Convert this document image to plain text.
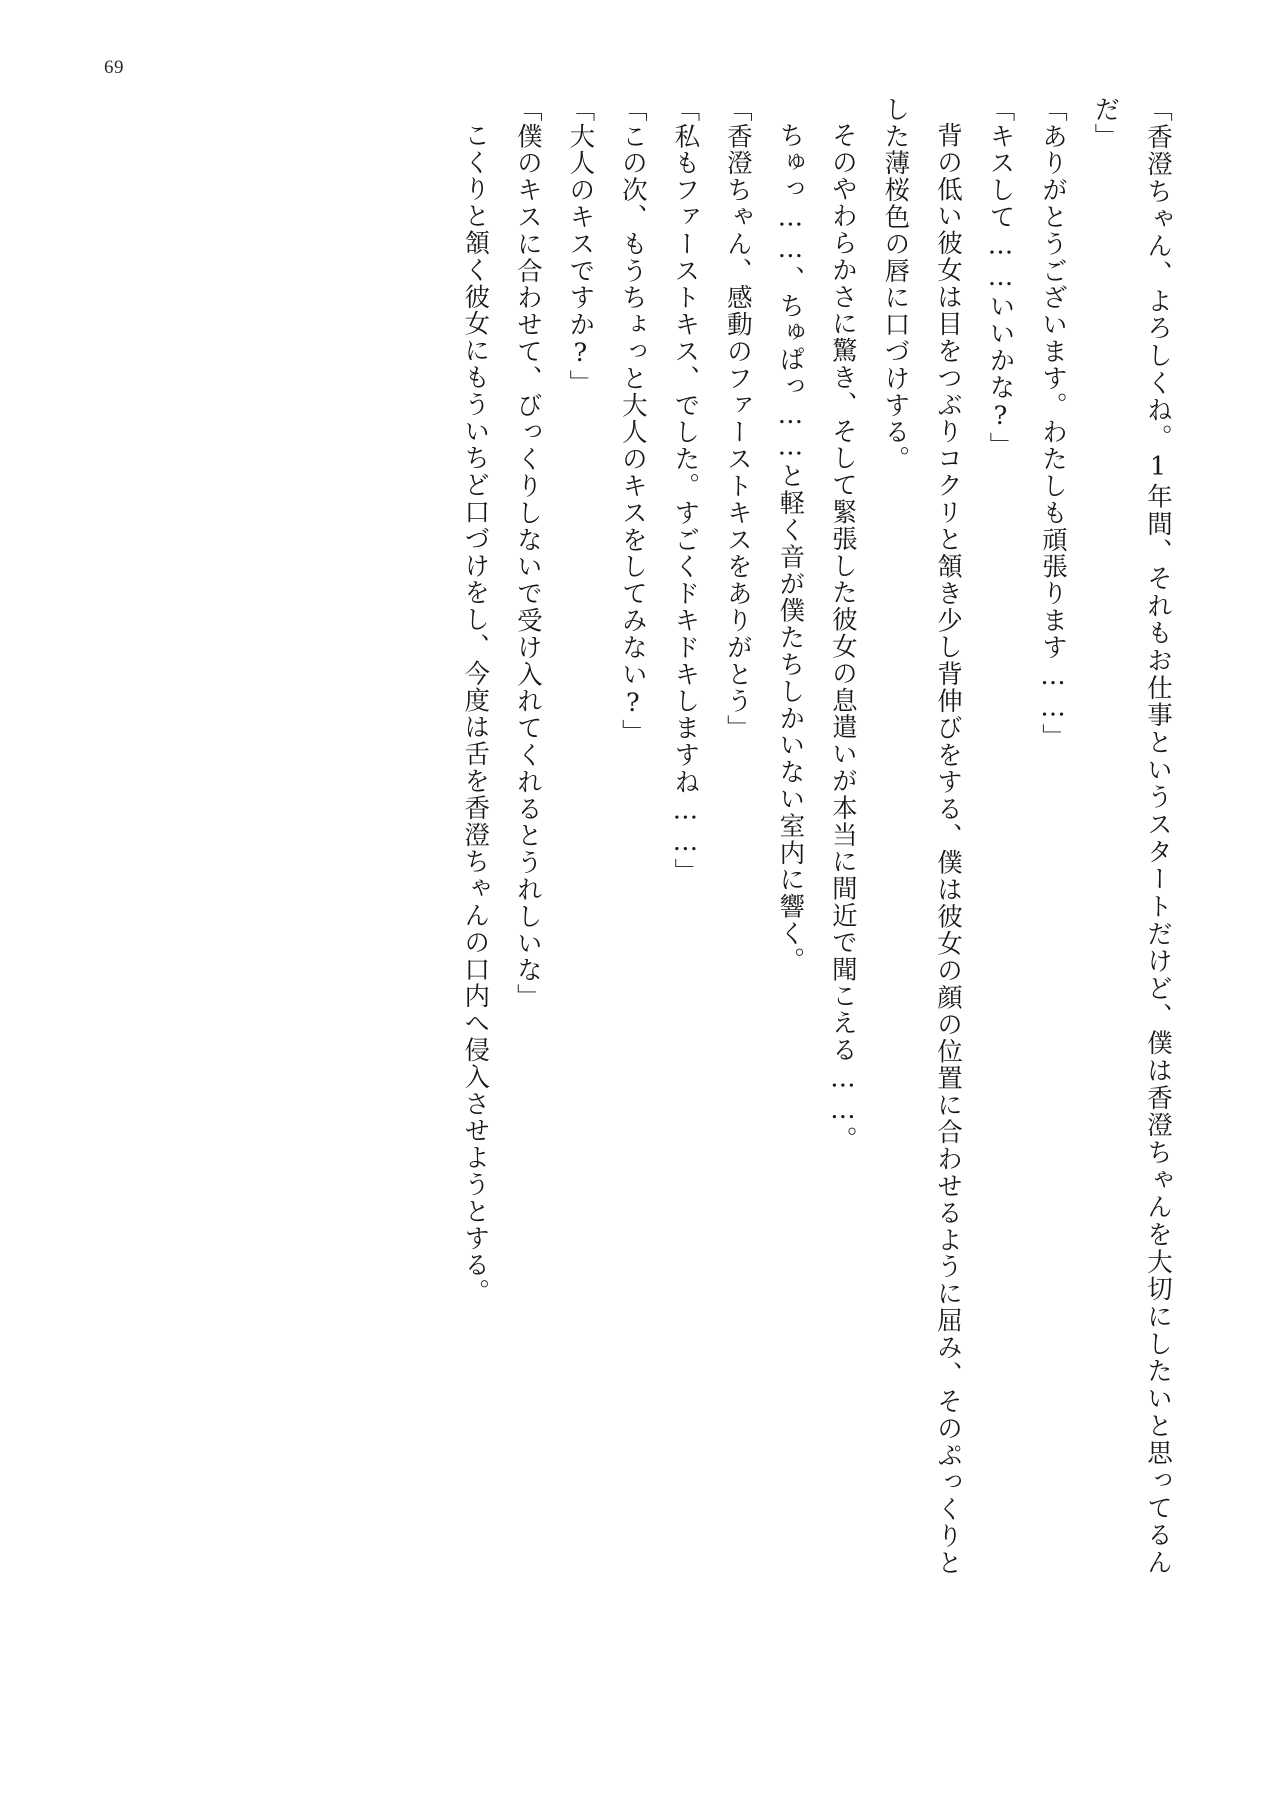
69

「香澄ちゃん、よろしくね。1年間、それもお仕事というスタートだけど、僕は香澄ちゃんを大切にしたいと思ってるんだ」

「ありがとうございます。わたしも頑張ります……」

「キスして……いいかな?」

背の低い彼女は目をつぶりコクリと頷き少し背伸びをする、僕は彼女の顔の位置に合わせるように屈み、そのぷっくりとした薄桜色の唇に口づけする。

そのやわらかさに驚き、そして緊張した彼女の息遣いが本当に間近で聞こえる……。

ちゅっ……、ちゅぱっ……と軽く音が僕たちしかいない室内に響く。

「香澄ちゃん、感動のファーストキスをありがとう」

「私もファーストキス、でした。すごくドキドキしますね……」

「この次、もうちょっと大人のキスをしてみない?」

「大人のキスですか?」

「僕のキスに合わせて、びっくりしないで受け入れてくれるとうれしいな」

こくりと頷く彼女にもういちど口づけをし、今度は舌を香澄ちゃんの口内へ侵入させようとする。
